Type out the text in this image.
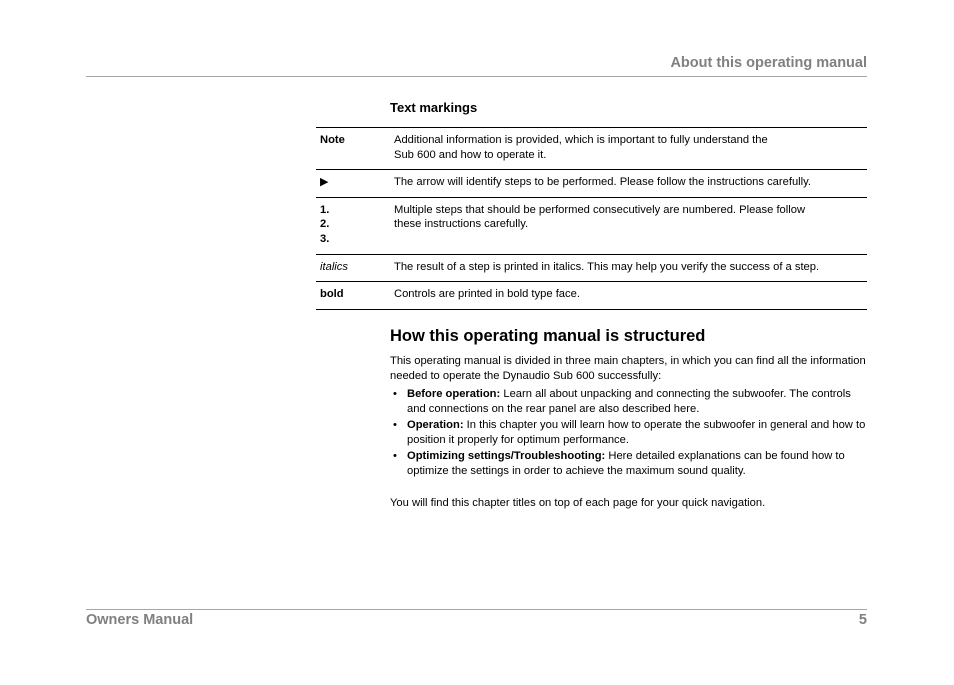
About this operating manual
Text markings
Note	Additional information is provided, which is important to fully understand the
Sub 600 and how to operate it.
▶	The arrow will identify steps to be performed. Please follow the instructions carefully.
1.
2.
3.	Multiple steps that should be performed consecutively are numbered. Please follow
these instructions carefully.
italics	The result of a step is printed in italics. This may help you verify the success of a step.
bold	Controls are printed in bold type face.
How this operating manual is structured

This operating manual is divided in three main chapters, in which you can find all the information needed to operate the Dynaudio Sub 600 successfully:

• Before operation: Learn all about unpacking and connecting the subwoofer. The controls and connections on the rear panel are also described here.
• Operation: In this chapter you will learn how to operate the subwoofer in general and how to position it properly for optimum performance.
• Optimizing settings/Troubleshooting: Here detailed explanations can be found how to optimize the settings in order to achieve the maximum sound quality.

You will find this chapter titles on top of each page for your quick navigation.

Owners Manual	5
